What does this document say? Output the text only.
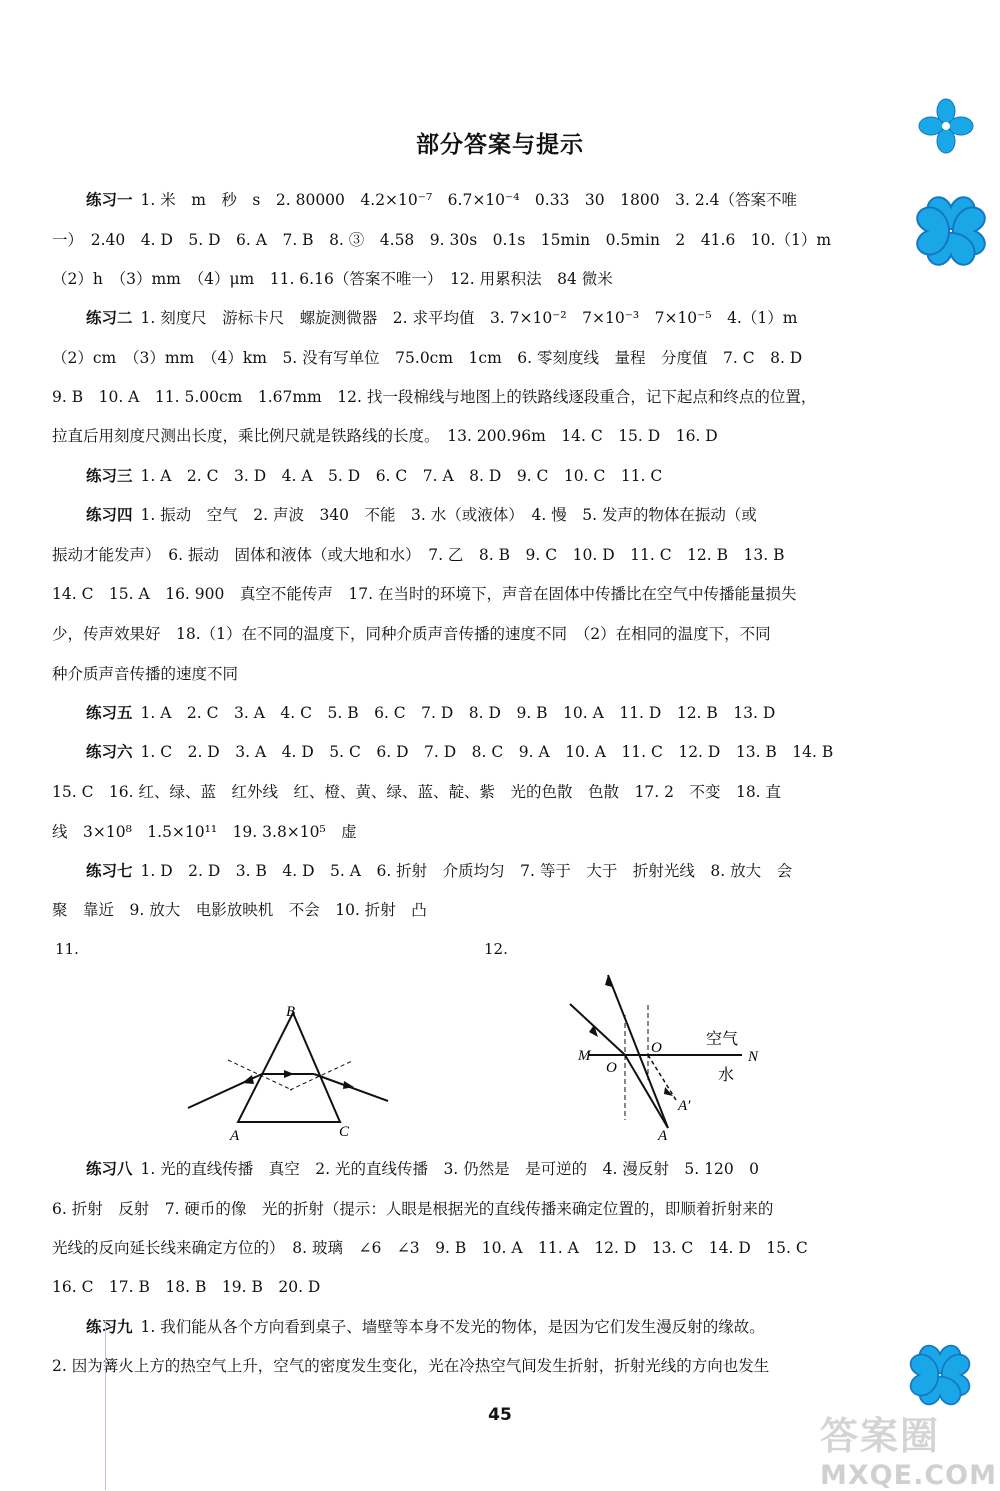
部分答案与提示
练习一 1. 米　m　秒　s　2. 80000　4.2×10⁻⁷　6.7×10⁻⁴　0.33　30　1800　3. 2.4（答案不唯
一）　2.40　4. D　5. D　6. A　7. B　8. ③　4.58　9. 30s　0.1s　15min　0.5min　2　41.6　10.（1）m
（2）h　（3）mm　（4）μm　11. 6.16（答案不唯一）　12. 用累积法　84 微米
练习二 1. 刻度尺　游标卡尺　螺旋测微器　2. 求平均值　3. 7×10⁻²　7×10⁻³　7×10⁻⁵　4.（1）m
（2）cm　（3）mm　（4）km　5. 没有写单位　75.0cm　1cm　6. 零刻度线　量程　分度值　7. C　8. D
9. B　10. A　11. 5.00cm　1.67mm　12. 找一段棉线与地图上的铁路线逐段重合，记下起点和终点的位置，
拉直后用刻度尺测出长度，乘比例尺就是铁路线的长度。　13. 200.96m　14. C　15. D　16. D
练习三 1. A　2. C　3. D　4. A　5. D　6. C　7. A　8. D　9. C　10. C　11. C
练习四 1. 振动　空气　2. 声波　340　不能　3. 水（或液体）　4. 慢　5. 发声的物体在振动（或
振动才能发声）　6. 振动　固体和液体（或大地和水）　7. 乙　8. B　9. C　10. D　11. C　12. B　13. B
14. C　15. A　16. 900　真空不能传声　17. 在当时的环境下，声音在固体中传播比在空气中传播能量损失
少，传声效果好　18.（1）在不同的温度下，同种介质声音传播的速度不同　（2）在相同的温度下，不同
种介质声音传播的速度不同
练习五 1. A　2. C　3. A　4. C　5. B　6. C　7. D　8. D　9. B　10. A　11. D　12. B　13. D
练习六 1. C　2. D　3. A　4. D　5. C　6. D　7. D　8. C　9. A　10. A　11. C　12. D　13. B　14. B
15. C　16. 红、绿、蓝　红外线　红、橙、黄、绿、蓝、靛、紫　光的色散　色散　17. 2　不变　18. 直
线　3×10⁸　1.5×10¹¹　19. 3.8×10⁵　虚
练习七 1. D　2. D　3. B　4. D　5. A　6. 折射　介质均匀　7. 等于　大于　折射光线　8. 放大　会
聚　靠近　9. 放大　电影放映机　不会　10. 折射　凸
11.	12.
B
A	C
M	N
O
O
A
A′
空气
水
练习八 1. 光的直线传播　真空　2. 光的直线传播　3. 仍然是　是可逆的　4. 漫反射　5. 120　0
6. 折射　反射　7. 硬币的像　光的折射（提示：人眼是根据光的直线传播来确定位置的，即顺着折射来的
光线的反向延长线来确定方位的）　8. 玻璃　∠6　∠3　9. B　10. A　11. A　12. D　13. C　14. D　15. C
16. C　17. B　18. B　19. B　20. D
练习九 1. 我们能从各个方向看到桌子、墙壁等本身不发光的物体，是因为它们发生漫反射的缘故。
2. 因为篝火上方的热空气上升，空气的密度发生变化，光在冷热空气间发生折射，折射光线的方向也发生
45	答案圈
MXQE.COM
